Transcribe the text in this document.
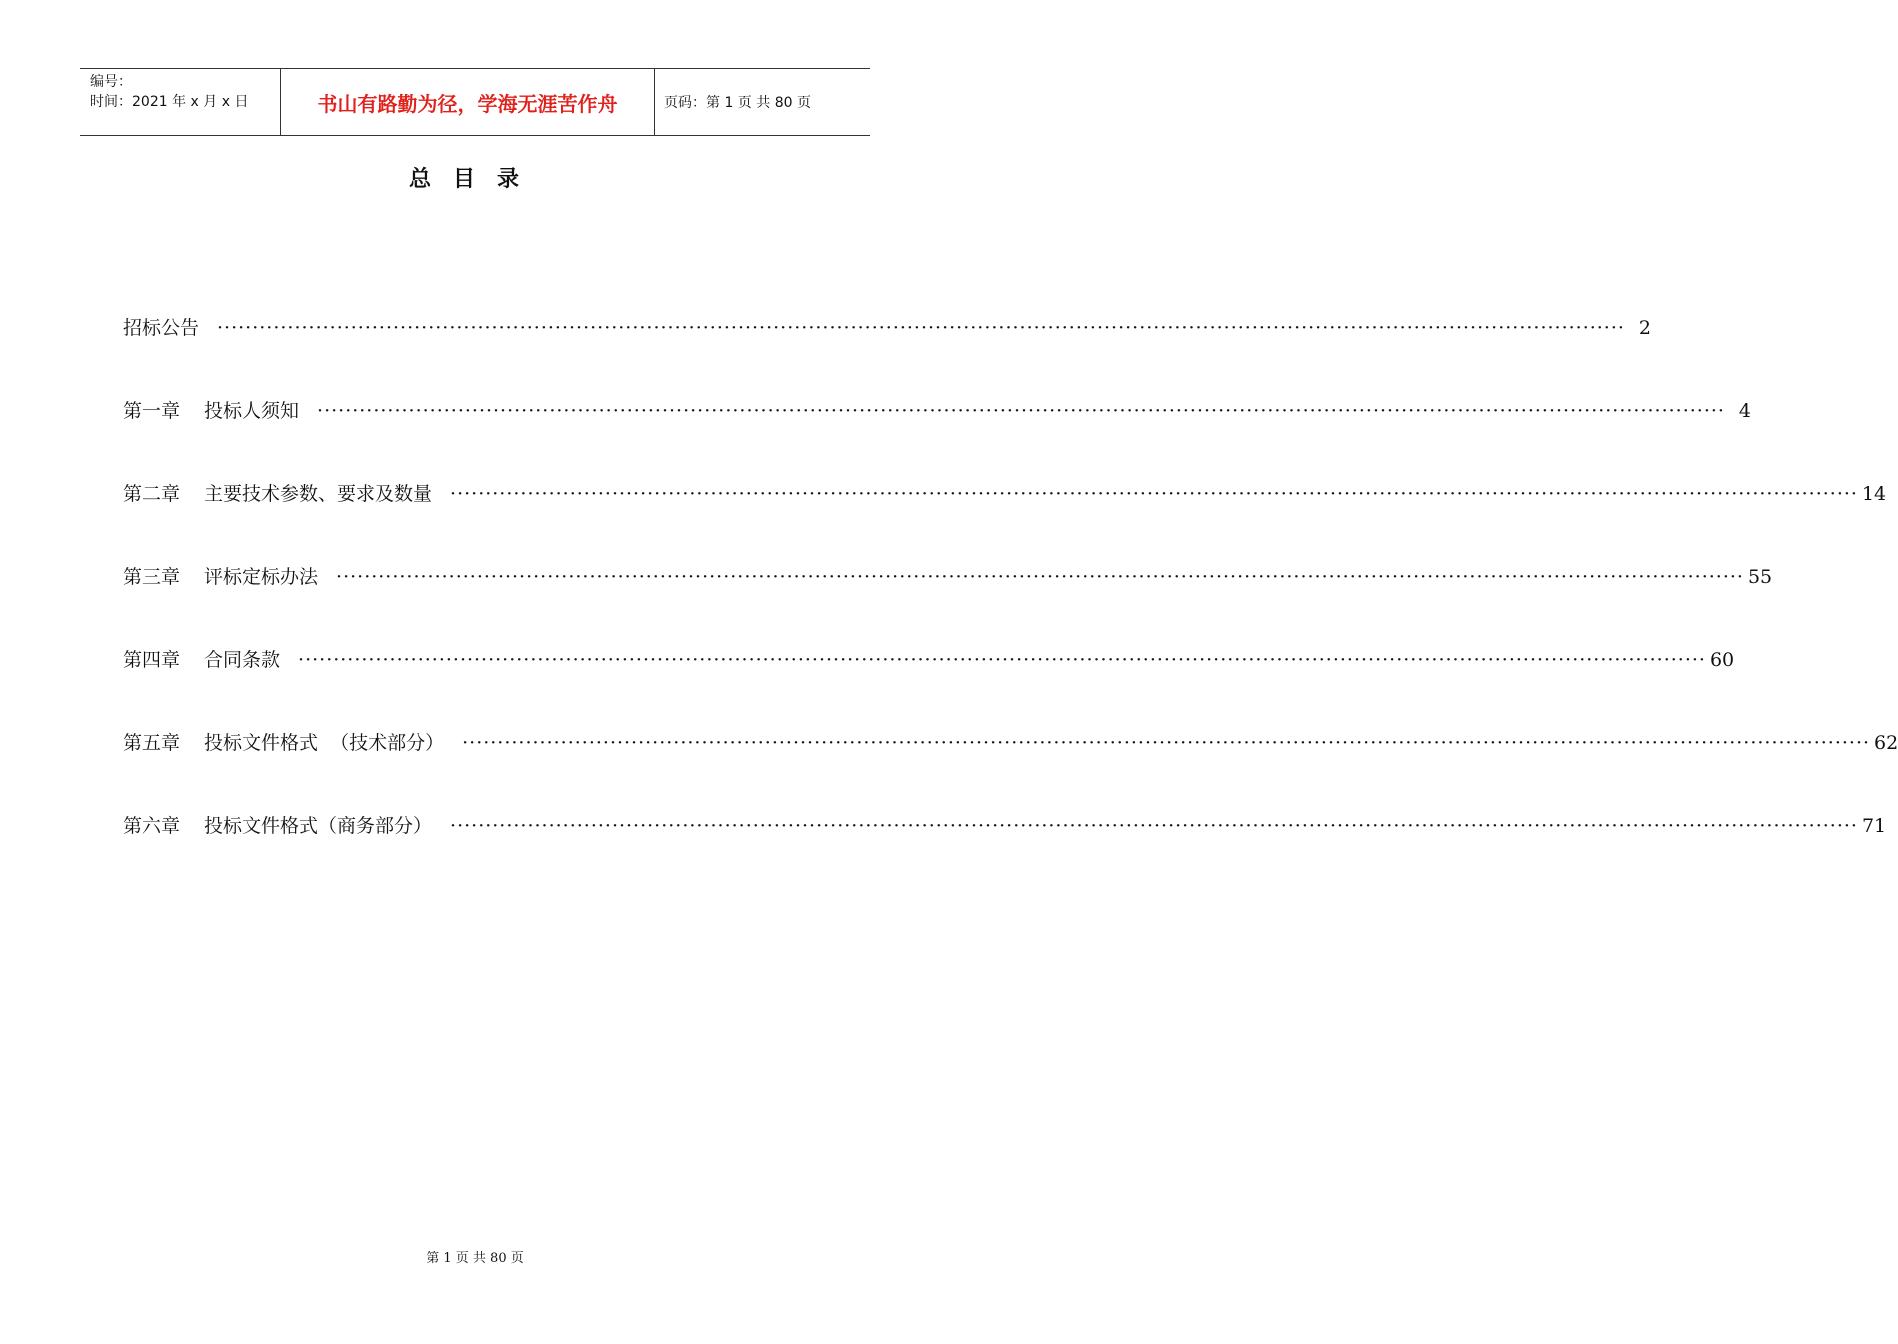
编号：
时间：2021 年 x 月 x 日	书山有路勤为径，学海无涯苦作舟	页码：第 1 页 共 80 页
总目录
招标公告 ········································································································································································································ 2
第一章 投标人须知 ········································································································································································································ 4
第二章 主要技术参数、要求及数量 ········································································································································································································ 14
第三章 评标定标办法 ········································································································································································································ 55
第四章 合同条款 ········································································································································································································ 60
第五章 投标文件格式  （技术部分） ········································································································································································································ 62
第六章 投标文件格式（商务部分） ········································································································································································································ 71
第 1 页 共 80 页
